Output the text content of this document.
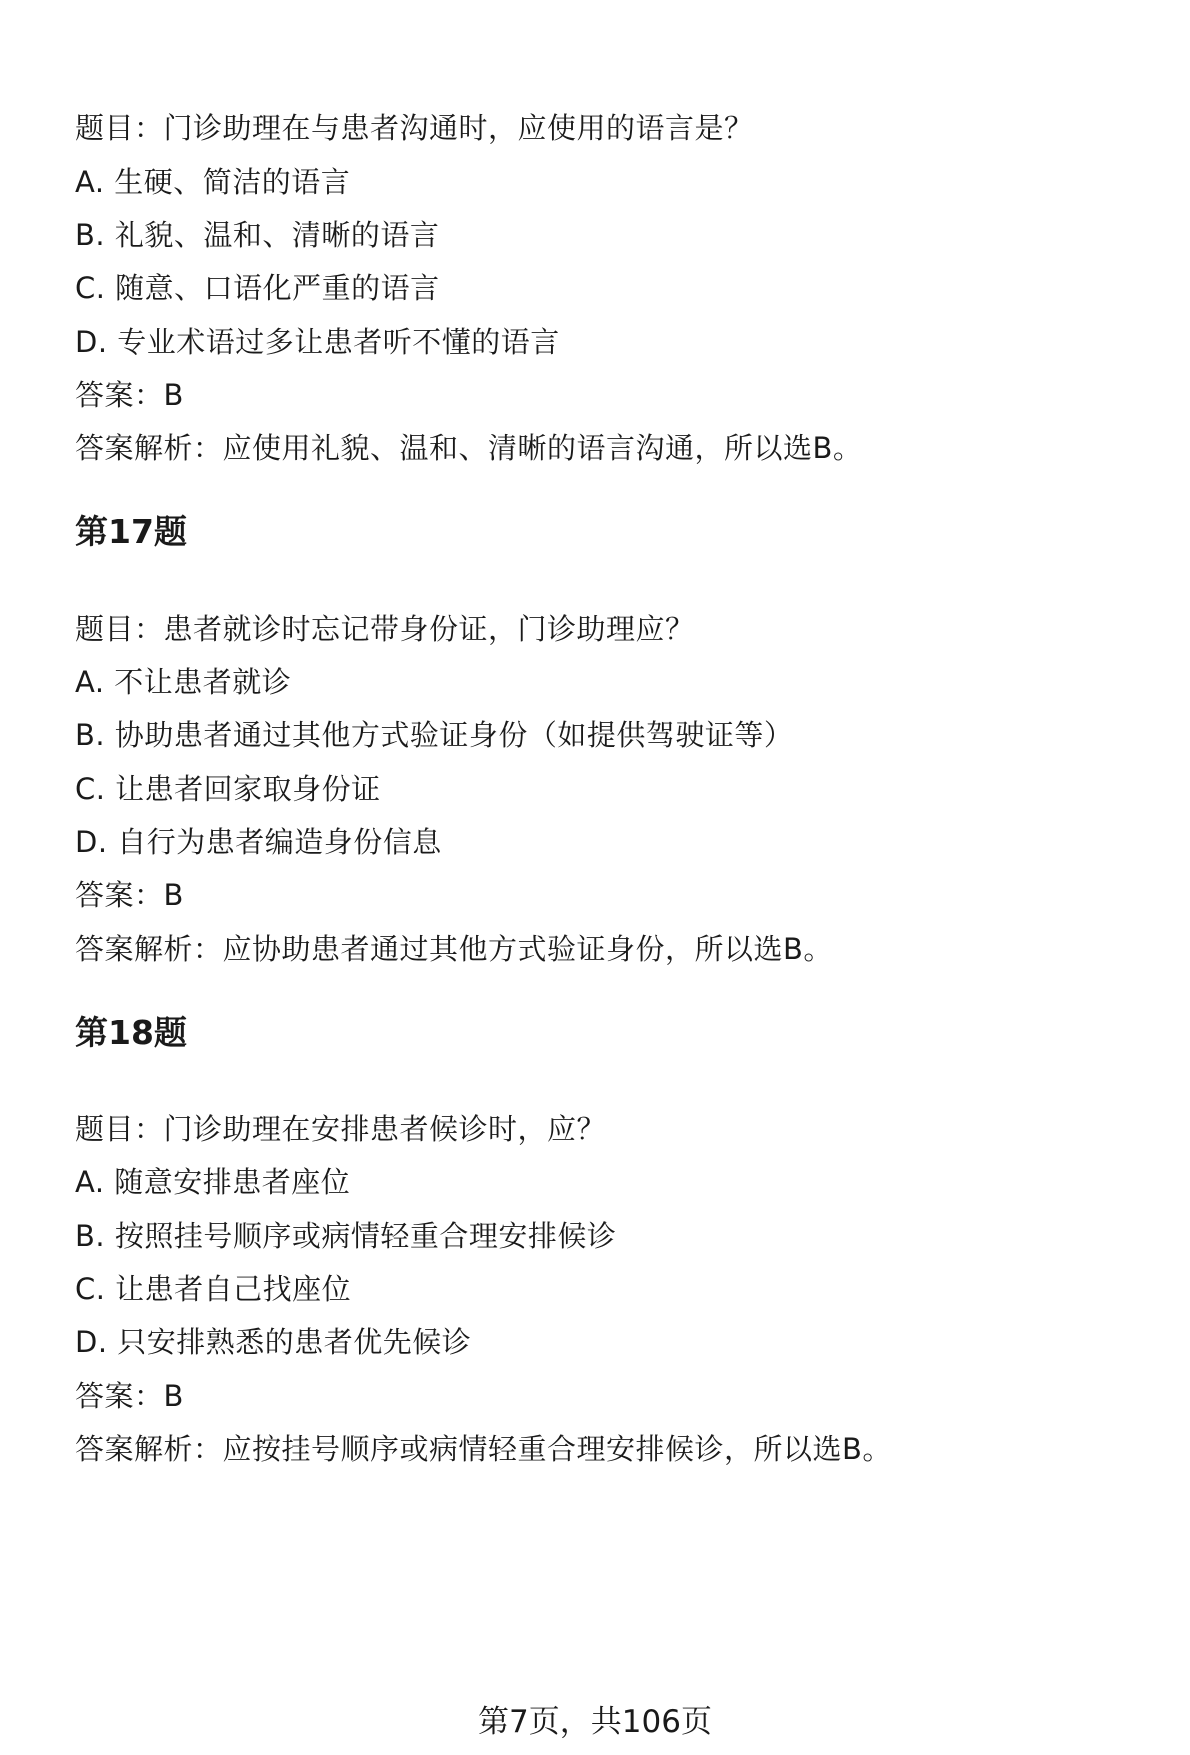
题目：门诊助理在与患者沟通时，应使用的语言是？
A. 生硬、简洁的语言
B. 礼貌、温和、清晰的语言
C. 随意、口语化严重的语言
D. 专业术语过多让患者听不懂的语言
答案：B
答案解析：应使用礼貌、温和、清晰的语言沟通，所以选B。
第17题
题目：患者就诊时忘记带身份证，门诊助理应？
A. 不让患者就诊
B. 协助患者通过其他方式验证身份（如提供驾驶证等）
C. 让患者回家取身份证
D. 自行为患者编造身份信息
答案：B
答案解析：应协助患者通过其他方式验证身份，所以选B。
第18题
题目：门诊助理在安排患者候诊时，应？
A. 随意安排患者座位
B. 按照挂号顺序或病情轻重合理安排候诊
C. 让患者自己找座位
D. 只安排熟悉的患者优先候诊
答案：B
答案解析：应按挂号顺序或病情轻重合理安排候诊，所以选B。
第7页，共106页
